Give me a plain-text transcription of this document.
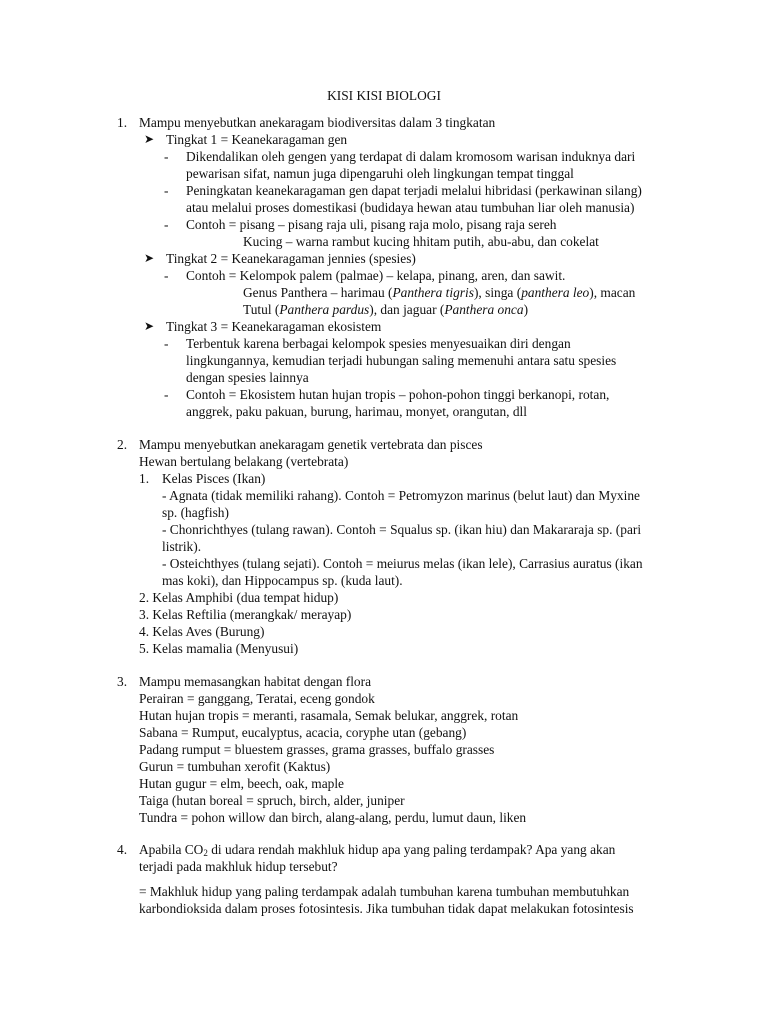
KISI KISI BIOLOGI
1. Mampu menyebutkan anekaragam biodiversitas dalam 3 tingkatan
➤ Tingkat 1 = Keanekaragaman gen
- Dikendalikan oleh gengen yang terdapat di dalam kromosom warisan induknya dari
pewarisan sifat, namun juga dipengaruhi oleh lingkungan tempat tinggal
- Peningkatan keanekaragaman gen dapat terjadi melalui hibridasi (perkawinan silang)
atau melalui proses domestikasi (budidaya hewan atau tumbuhan liar oleh manusia)
- Contoh = pisang – pisang raja uli, pisang raja molo, pisang raja sereh
Kucing – warna rambut kucing hhitam putih, abu-abu, dan cokelat
➤ Tingkat 2 = Keanekaragaman jennies (spesies)
- Contoh = Kelompok palem (palmae) – kelapa, pinang, aren, dan sawit.
Genus Panthera – harimau (Panthera tigris), singa (panthera leo), macan
Tutul (Panthera pardus), dan jaguar (Panthera onca)
➤ Tingkat 3 = Keanekaragaman ekosistem
- Terbentuk karena berbagai kelompok spesies menyesuaikan diri dengan
lingkungannya, kemudian terjadi hubungan saling memenuhi antara satu spesies
dengan spesies lainnya
- Contoh = Ekosistem hutan hujan tropis – pohon-pohon tinggi berkanopi, rotan,
anggrek, paku pakuan, burung, harimau, monyet, orangutan, dll
2. Mampu menyebutkan anekaragam genetik vertebrata dan pisces
Hewan bertulang belakang (vertebrata)
1. Kelas Pisces (Ikan)
- Agnata (tidak memiliki rahang). Contoh = Petromyzon marinus (belut laut) dan Myxine
sp. (hagfish)
- Chonrichthyes (tulang rawan). Contoh = Squalus sp. (ikan hiu) dan Makararaja sp. (pari
listrik).
- Osteichthyes (tulang sejati). Contoh = meiurus melas (ikan lele), Carrasius auratus (ikan
mas koki), dan Hippocampus sp. (kuda laut).
2. Kelas Amphibi (dua tempat hidup)
3. Kelas Reftilia (merangkak/ merayap)
4. Kelas Aves (Burung)
5. Kelas mamalia (Menyusui)
3. Mampu memasangkan habitat dengan flora
Perairan = ganggang, Teratai, eceng gondok
Hutan hujan tropis = meranti, rasamala, Semak belukar, anggrek, rotan
Sabana = Rumput, eucalyptus, acacia, coryphe utan (gebang)
Padang rumput = bluestem grasses, grama grasses, buffalo grasses
Gurun = tumbuhan xerofit (Kaktus)
Hutan gugur = elm, beech, oak, maple
Taiga (hutan boreal = spruch, birch, alder, juniper
Tundra = pohon willow dan birch, alang-alang, perdu, lumut daun, liken
4. Apabila $CO_2$ di udara rendah makhluk hidup apa yang paling terdampak? Apa yang akan
terjadi pada makhluk hidup tersebut?
= Makhluk hidup yang paling terdampak adalah tumbuhan karena tumbuhan membutuhkan
karbondioksida dalam proses fotosintesis. Jika tumbuhan tidak dapat melakukan fotosintesis
